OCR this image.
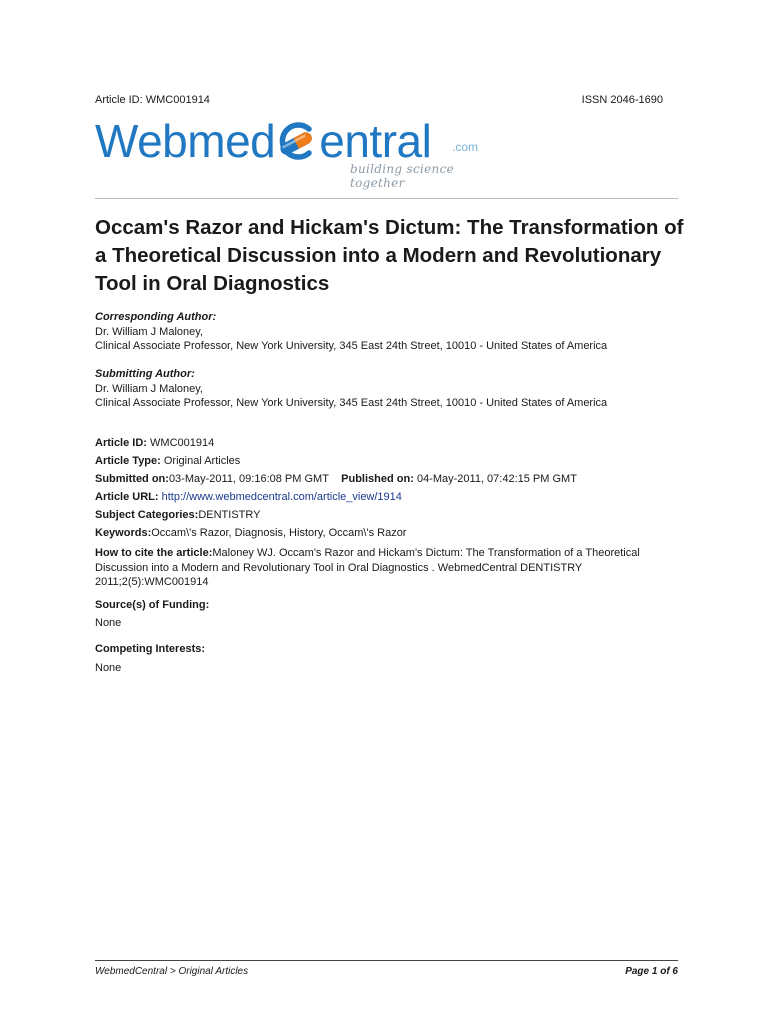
Article ID: WMC001914	ISSN 2046-1690
Webmed entral .com
building science together
Occam's Razor and Hickam's Dictum: The Transformation of a Theoretical Discussion into a Modern and Revolutionary Tool in Oral Diagnostics
Corresponding Author:
Dr. William J Maloney,
Clinical Associate Professor, New York University, 345 East 24th Street, 10010 - United States of America
Submitting Author:
Dr. William J Maloney,
Clinical Associate Professor, New York University, 345 East 24th Street, 10010 - United States of America
Article ID: WMC001914
Article Type: Original Articles
Submitted on:03-May-2011, 09:16:08 PM GMT Published on: 04-May-2011, 07:42:15 PM GMT
Article URL: http://www.webmedcentral.com/article_view/1914
Subject Categories:DENTISTRY
Keywords:Occam\'s Razor, Diagnosis, History, Occam\'s Razor
How to cite the article:Maloney WJ. Occam's Razor and Hickam's Dictum: The Transformation of a Theoretical Discussion into a Modern and Revolutionary Tool in Oral Diagnostics . WebmedCentral DENTISTRY 2011;2(5):WMC001914
Source(s) of Funding:
None
Competing Interests:
None
WebmedCentral > Original Articles	Page 1 of 6
